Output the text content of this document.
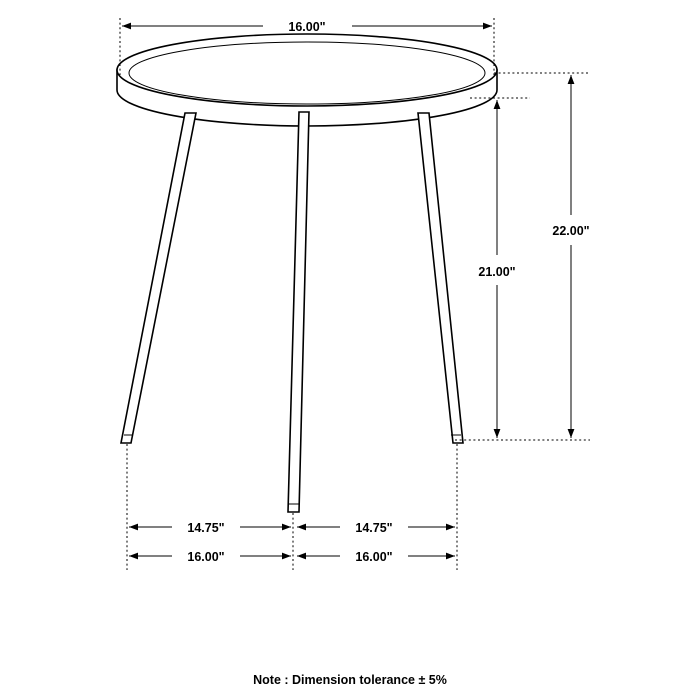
16.00"
22.00"
21.00"
14.75"	14.75"
16.00"	16.00"
Note : Dimension tolerance ± 5%
